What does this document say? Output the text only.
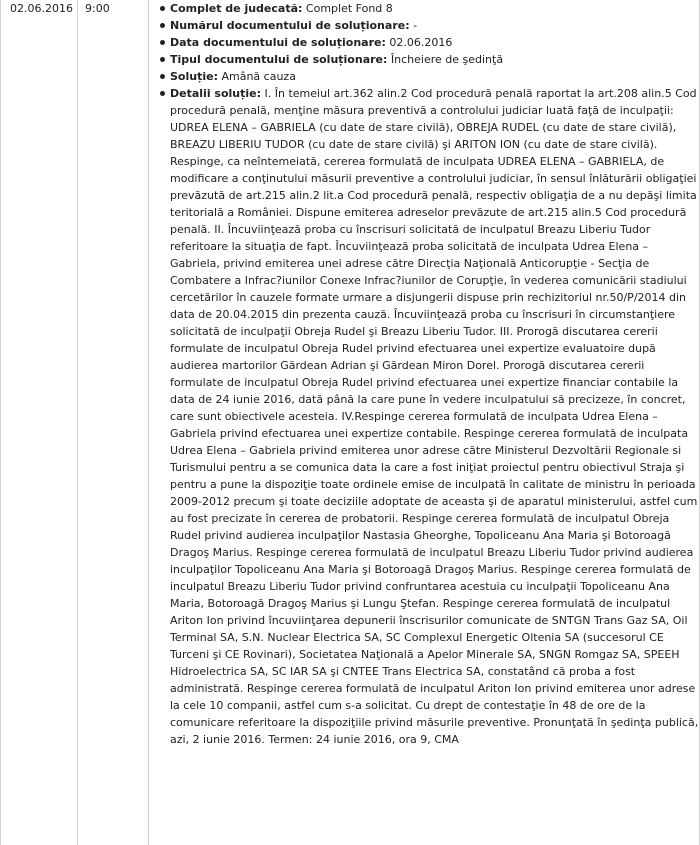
02.06.2016 9:00	Complet de judecată: Complet Fond 8
Numărul documentului de soluționare: -
Data documentului de soluționare: 02.06.2016
Tipul documentului de soluționare: Încheiere de şedinţă
Soluție: Amână cauza
Detalii soluție: I. În temeiul art.362 alin.2 Cod procedură penală raportat la art.208 alin.5 Cod procedură penală, menţine măsura preventivă a controlului judiciar luată faţă de inculpaţii: UDREA ELENA – GABRIELA (cu date de stare civilă), OBREJA RUDEL (cu date de stare civilă), BREAZU LIBERIU TUDOR (cu date de stare civilă) şi ARITON ION (cu date de stare civilă). Respinge, ca neîntemeiată, cererea formulată de inculpata UDREA ELENA – GABRIELA, de modificare a conţinutului măsurii preventive a controlului judiciar, în sensul înlăturării obligaţiei prevăzută de art.215 alin.2 lit.a Cod procedură penală, respectiv obligaţia de a nu depăşi limita teritorială a României. Dispune emiterea adreselor prevăzute de art.215 alin.5 Cod procedură penală. II. Încuviinţează proba cu înscrisuri solicitată de inculpatul Breazu Liberiu Tudor referitoare la situaţia de fapt. Încuviinţează proba solicitată de inculpata Udrea Elena – Gabriela, privind emiterea unei adrese către Direcţia Naţională Anticorupţie - Secţia de Combatere a Infrac?iunilor Conexe Infrac?iunilor de Corupţie, în vederea comunicării stadiului cercetărilor în cauzele formate urmare a disjungerii dispuse prin rechizitoriul nr.50/P/2014 din data de 20.04.2015 din prezenta cauză. Încuviinţează proba cu înscrisuri în circumstanţiere solicitată de inculpaţii Obreja Rudel şi Breazu Liberiu Tudor. III. Prorogă discutarea cererii formulate de inculpatul Obreja Rudel privind efectuarea unei expertize evaluatoire după audierea martorilor Gărdean Adrian şi Gărdean Miron Dorel. Prorogă discutarea cererii formulate de inculpatul Obreja Rudel privind efectuarea unei expertize financiar contabile la data de 24 iunie 2016, dată până la care pune în vedere inculpatului să precizeze, în concret, care sunt obiectivele acesteia. IV.Respinge cererea formulată de inculpata Udrea Elena – Gabriela privind efectuarea unei expertize contabile. Respinge cererea formulată de inculpata Udrea Elena – Gabriela privind emiterea unor adrese către Ministerul Dezvoltării Regionale si Turismului pentru a se comunica data la care a fost iniţiat proiectul pentru obiectivul Straja şi pentru a pune la dispoziţie toate ordinele emise de inculpată în calitate de ministru în perioada 2009-2012 precum şi toate deciziile adoptate de aceasta şi de aparatul ministerului, astfel cum au fost precizate în cererea de probatorii. Respinge cererea formulată de inculpatul Obreja Rudel privind audierea inculpaţilor Nastasia Gheorghe, Topoliceanu Ana Maria şi Botoroagă Dragoş Marius. Respinge cererea formulată de inculpatul Breazu Liberiu Tudor privind audierea inculpaţilor Topoliceanu Ana Maria şi Botoroagă Dragoş Marius. Respinge cererea formulată de inculpatul Breazu Liberiu Tudor privind confruntarea acestuia cu inculpaţii Topoliceanu Ana Maria, Botoroagă Dragoş Marius şi Lungu Ştefan. Respinge cererea formulată de inculpatul Ariton Ion privind încuviinţarea depunerii înscrisurilor comunicate de SNTGN Trans Gaz SA, Oil Terminal SA, S.N. Nuclear Electrica SA, SC Complexul Energetic Oltenia SA (succesorul CE Turceni şi CE Rovinari), Societatea Naţională a Apelor Minerale SA, SNGN Romgaz SA, SPEEH Hidroelectrica SA, SC IAR SA şi CNTEE Trans Electrica SA, constatând că proba a fost administrată. Respinge cererea formulată de inculpatul Ariton Ion privind emiterea unor adrese la cele 10 companii, astfel cum s-a solicitat. Cu drept de contestaţie în 48 de ore de la comunicare referitoare la dispoziţiile privind măsurile preventive. Pronunţată în şedinţa publică, azi, 2 iunie 2016. Termen: 24 iunie 2016, ora 9, CMA
